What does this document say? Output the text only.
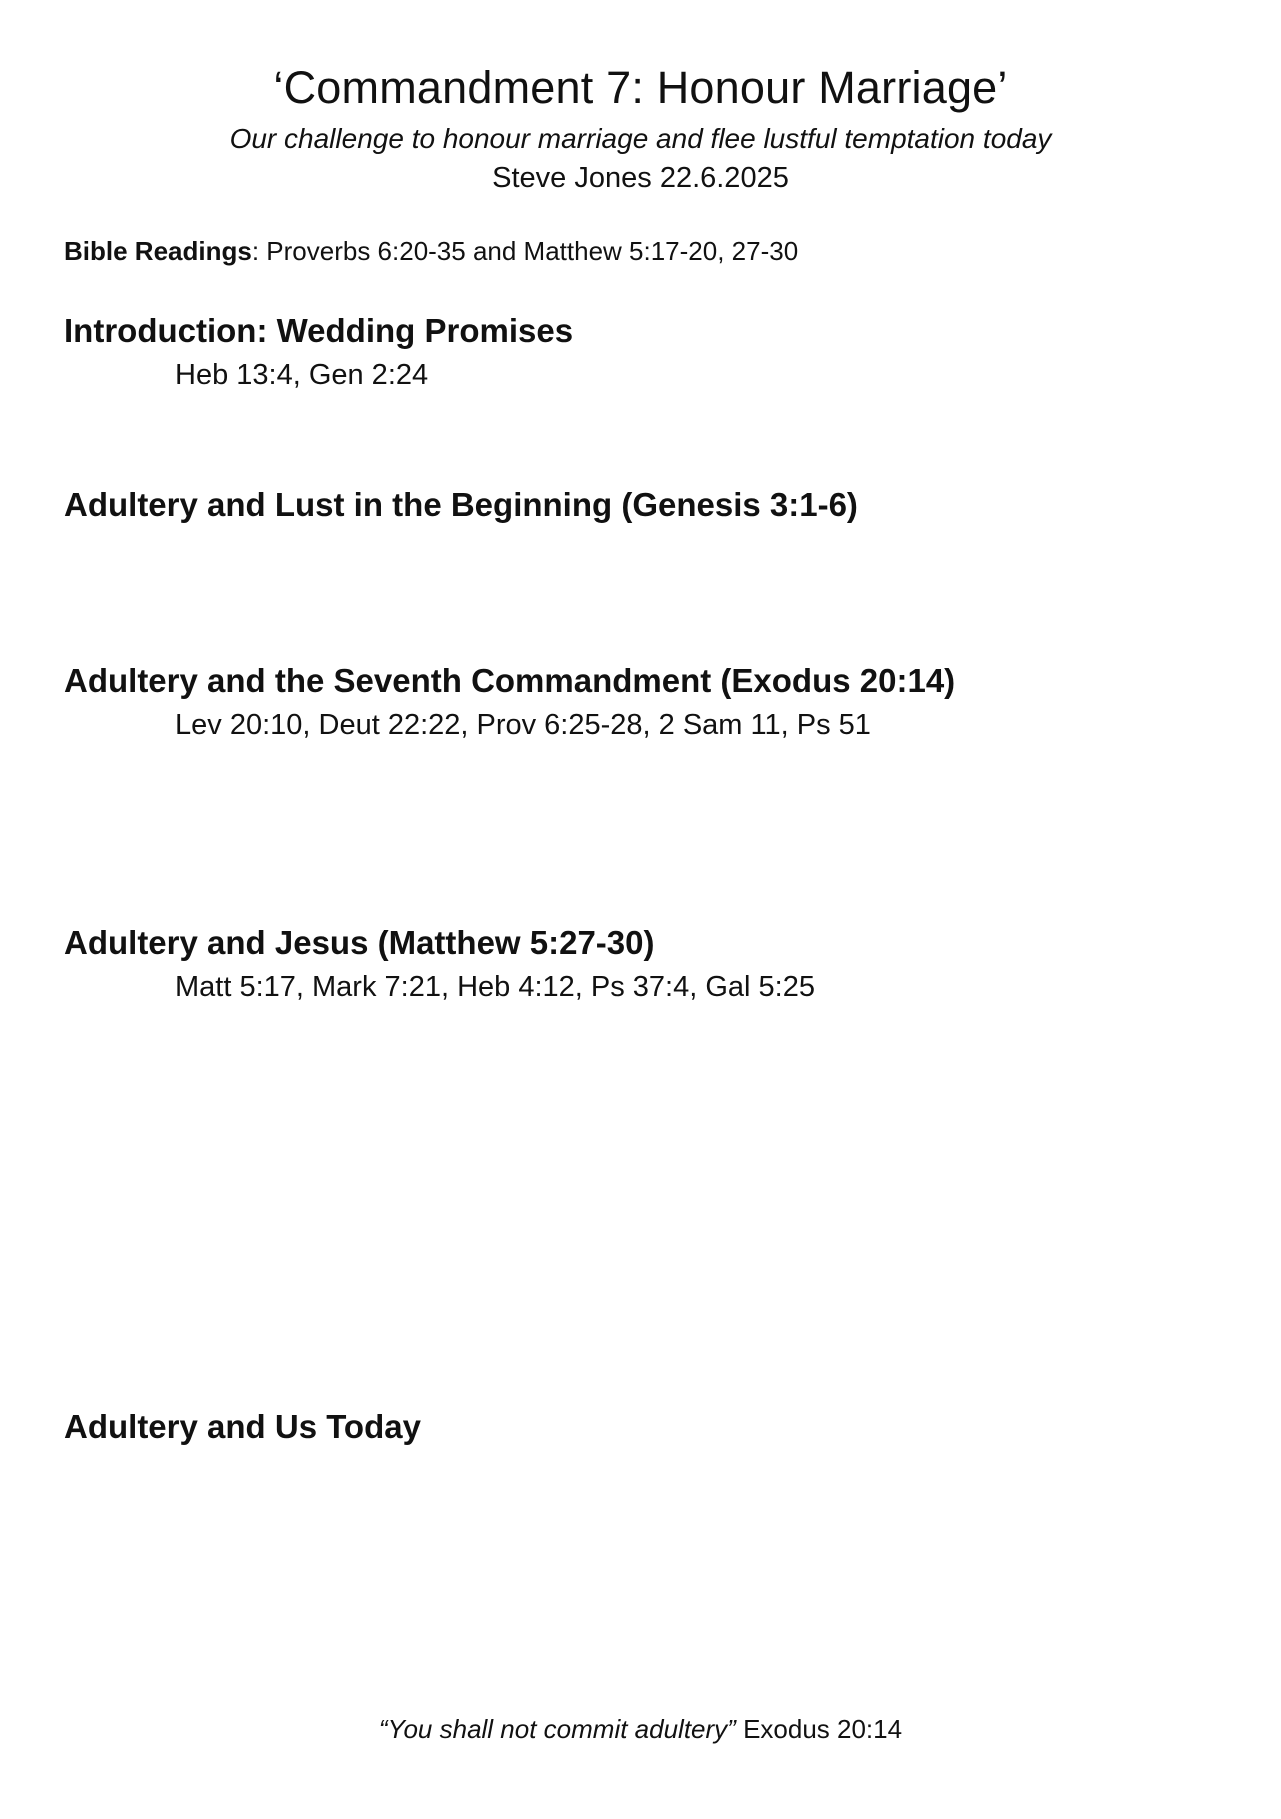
‘Commandment 7: Honour Marriage’
Our challenge to honour marriage and flee lustful temptation today
Steve Jones 22.6.2025
Bible Readings: Proverbs 6:20-35 and Matthew 5:17-20, 27-30
Introduction: Wedding Promises
Heb 13:4, Gen 2:24
Adultery and Lust in the Beginning (Genesis 3:1-6)
Adultery and the Seventh Commandment (Exodus 20:14)
Lev 20:10, Deut 22:22, Prov 6:25-28, 2 Sam 11, Ps 51
Adultery and Jesus (Matthew 5:27-30)
Matt 5:17, Mark 7:21, Heb 4:12, Ps 37:4, Gal 5:25
Adultery and Us Today
“You shall not commit adultery” Exodus 20:14
